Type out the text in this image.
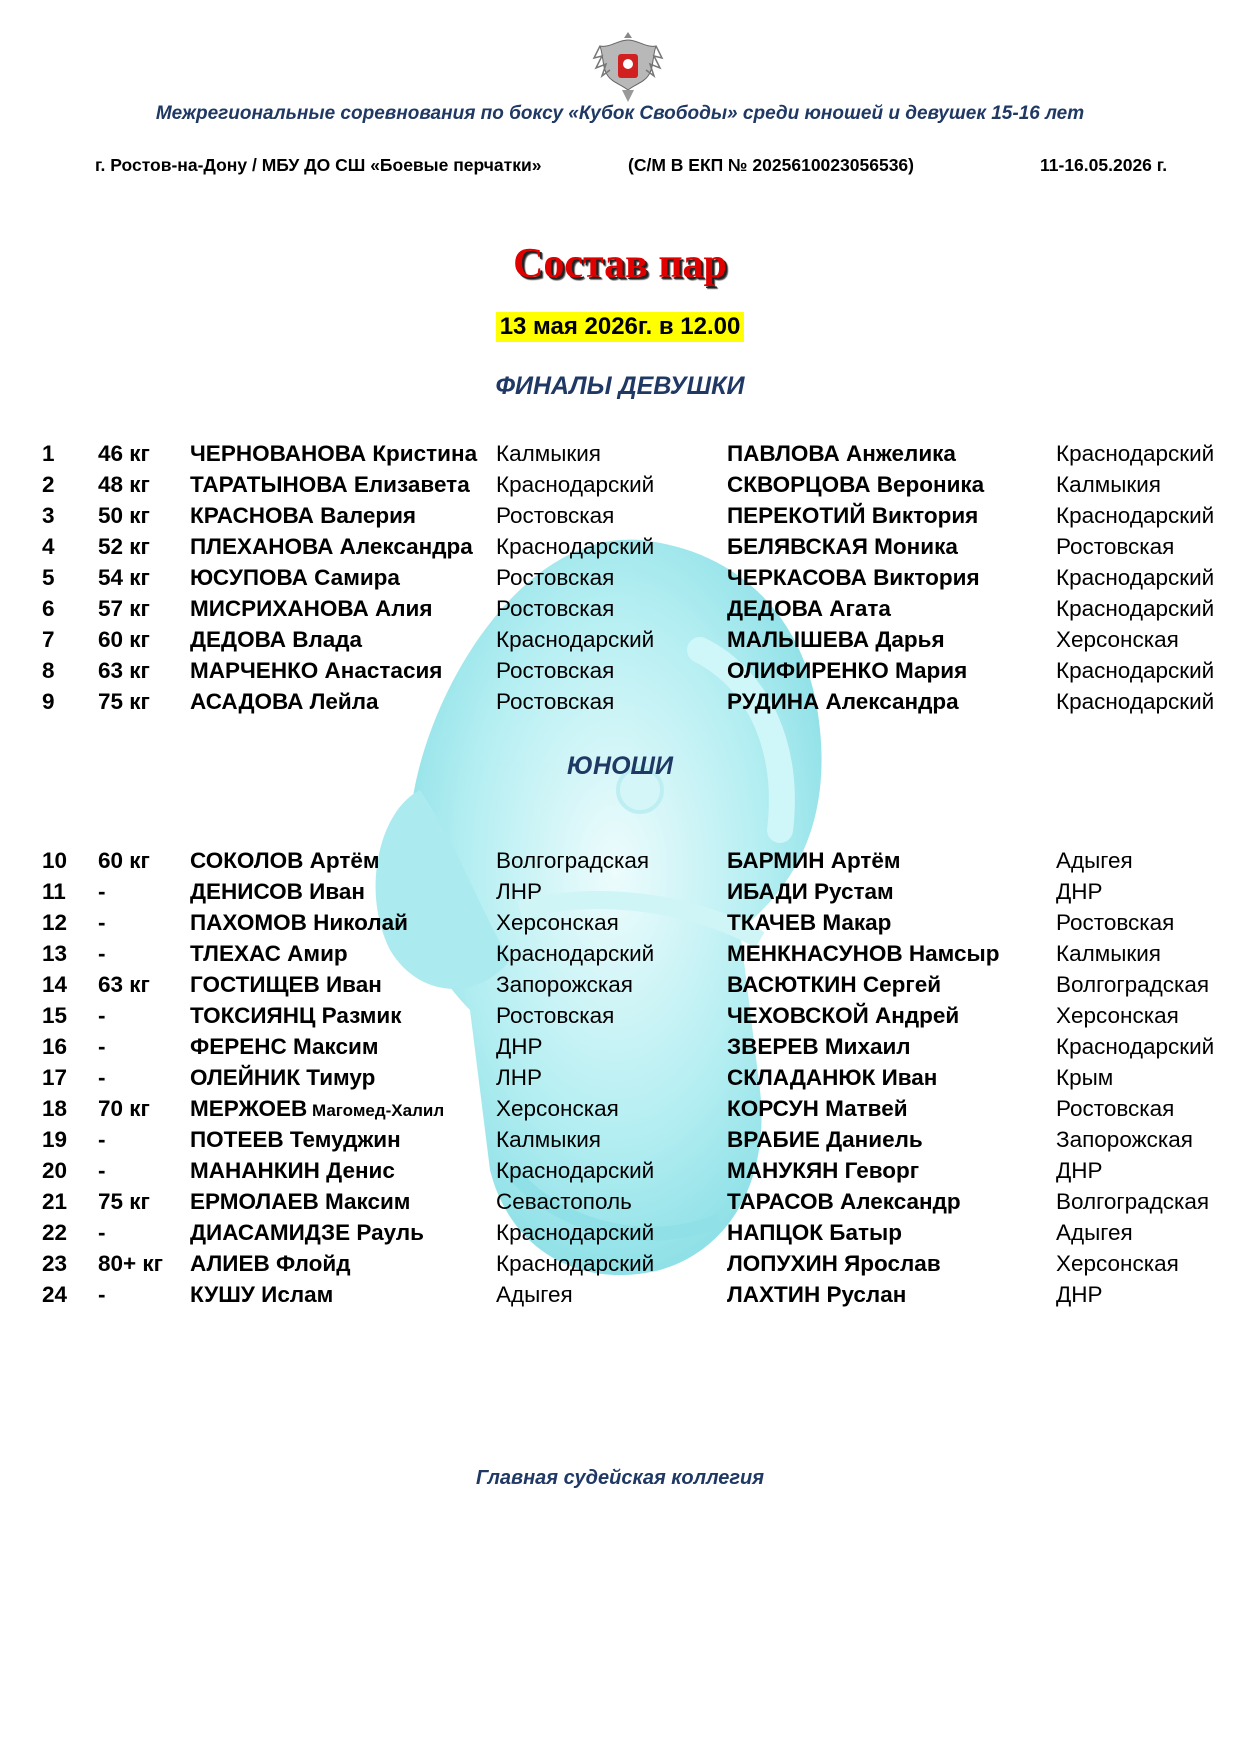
Межрегиональные соревнования по боксу «Кубок Свободы» среди юношей и девушек 15-16 лет
г. Ростов-на-Дону / МБУ ДО СШ «Боевые перчатки»	(С/М В ЕКП № 2025610023056536)	11-16.05.2026 г.
Состав пар
13 мая 2026г. в 12.00
ФИНАЛЫ ДЕВУШКИ
1 46 кг ЧЕРНОВАНОВА Кристина Калмыкия	ПАВЛОВА Анжелика	Краснодарский
2 48 кг ТАРАТЫНОВА Елизавета Краснодарский	СКВОРЦОВА Вероника	Калмыкия
3 50 кг КРАСНОВА Валерия	Ростовская	ПЕРЕКОТИЙ Виктория	Краснодарский
4 52 кг ПЛЕХАНОВА Александра Краснодарский	БЕЛЯВСКАЯ Моника	Ростовская
5 54 кг ЮСУПОВА Самира	Ростовская	ЧЕРКАСОВА Виктория	Краснодарский
6 57 кг МИСРИХАНОВА Алия	Ростовская	ДЕДОВА Агата	Краснодарский
7 60 кг ДЕДОВА Влада	Краснодарский	МАЛЫШЕВА Дарья	Херсонская
8 63 кг МАРЧЕНКО Анастасия Ростовская	ОЛИФИРЕНКО Мария	Краснодарский
9 75 кг АСАДОВА Лейла	Ростовская	РУДИНА Александра	Краснодарский
ЮНОШИ
10 60 кг СОКОЛОВ Артём	Волгоградская	БАРМИН Артём	Адыгея
11 -	ДЕНИСОВ Иван	ЛНР	ИБАДИ Рустам	ДНР
12 -	ПАХОМОВ Николай	Херсонская	ТКАЧЕВ Макар	Ростовская
13 -	ТЛЕХАС Амир	Краснодарский	МЕНКНАСУНОВ Намсыр	Калмыкия
14 63 кг ГОСТИЩЕВ Иван	Запорожская	ВАСЮТКИН Сергей	Волгоградская
15 -	ТОКСИЯНЦ Размик	Ростовская	ЧЕХОВСКОЙ Андрей	Херсонская
16 -	ФЕРЕНС Максим	ДНР	ЗВЕРЕВ Михаил	Краснодарский
17 -	ОЛЕЙНИК Тимур	ЛНР	СКЛАДАНЮК Иван	Крым
18 70 кг МЕРЖОЕВ Магомед-Халил Херсонская	КОРСУН Матвей	Ростовская
19 -	ПОТЕЕВ Темуджин	Калмыкия	ВРАБИЕ Даниель	Запорожская
20 -	МАНАНКИН Денис	Краснодарский	МАНУКЯН Геворг	ДНР
21 75 кг ЕРМОЛАЕВ Максим	Севастополь	ТАРАСОВ Александр	Волгоградская
22 -	ДИАСАМИДЗЕ Рауль	Краснодарский	НАПЦОК Батыр	Адыгея
23 80+ кг АЛИЕВ Флойд	Краснодарский	ЛОПУХИН Ярослав	Херсонская
24 -	КУШУ Ислам	Адыгея	ЛАХТИН Руслан	ДНР
Главная судейская коллегия
